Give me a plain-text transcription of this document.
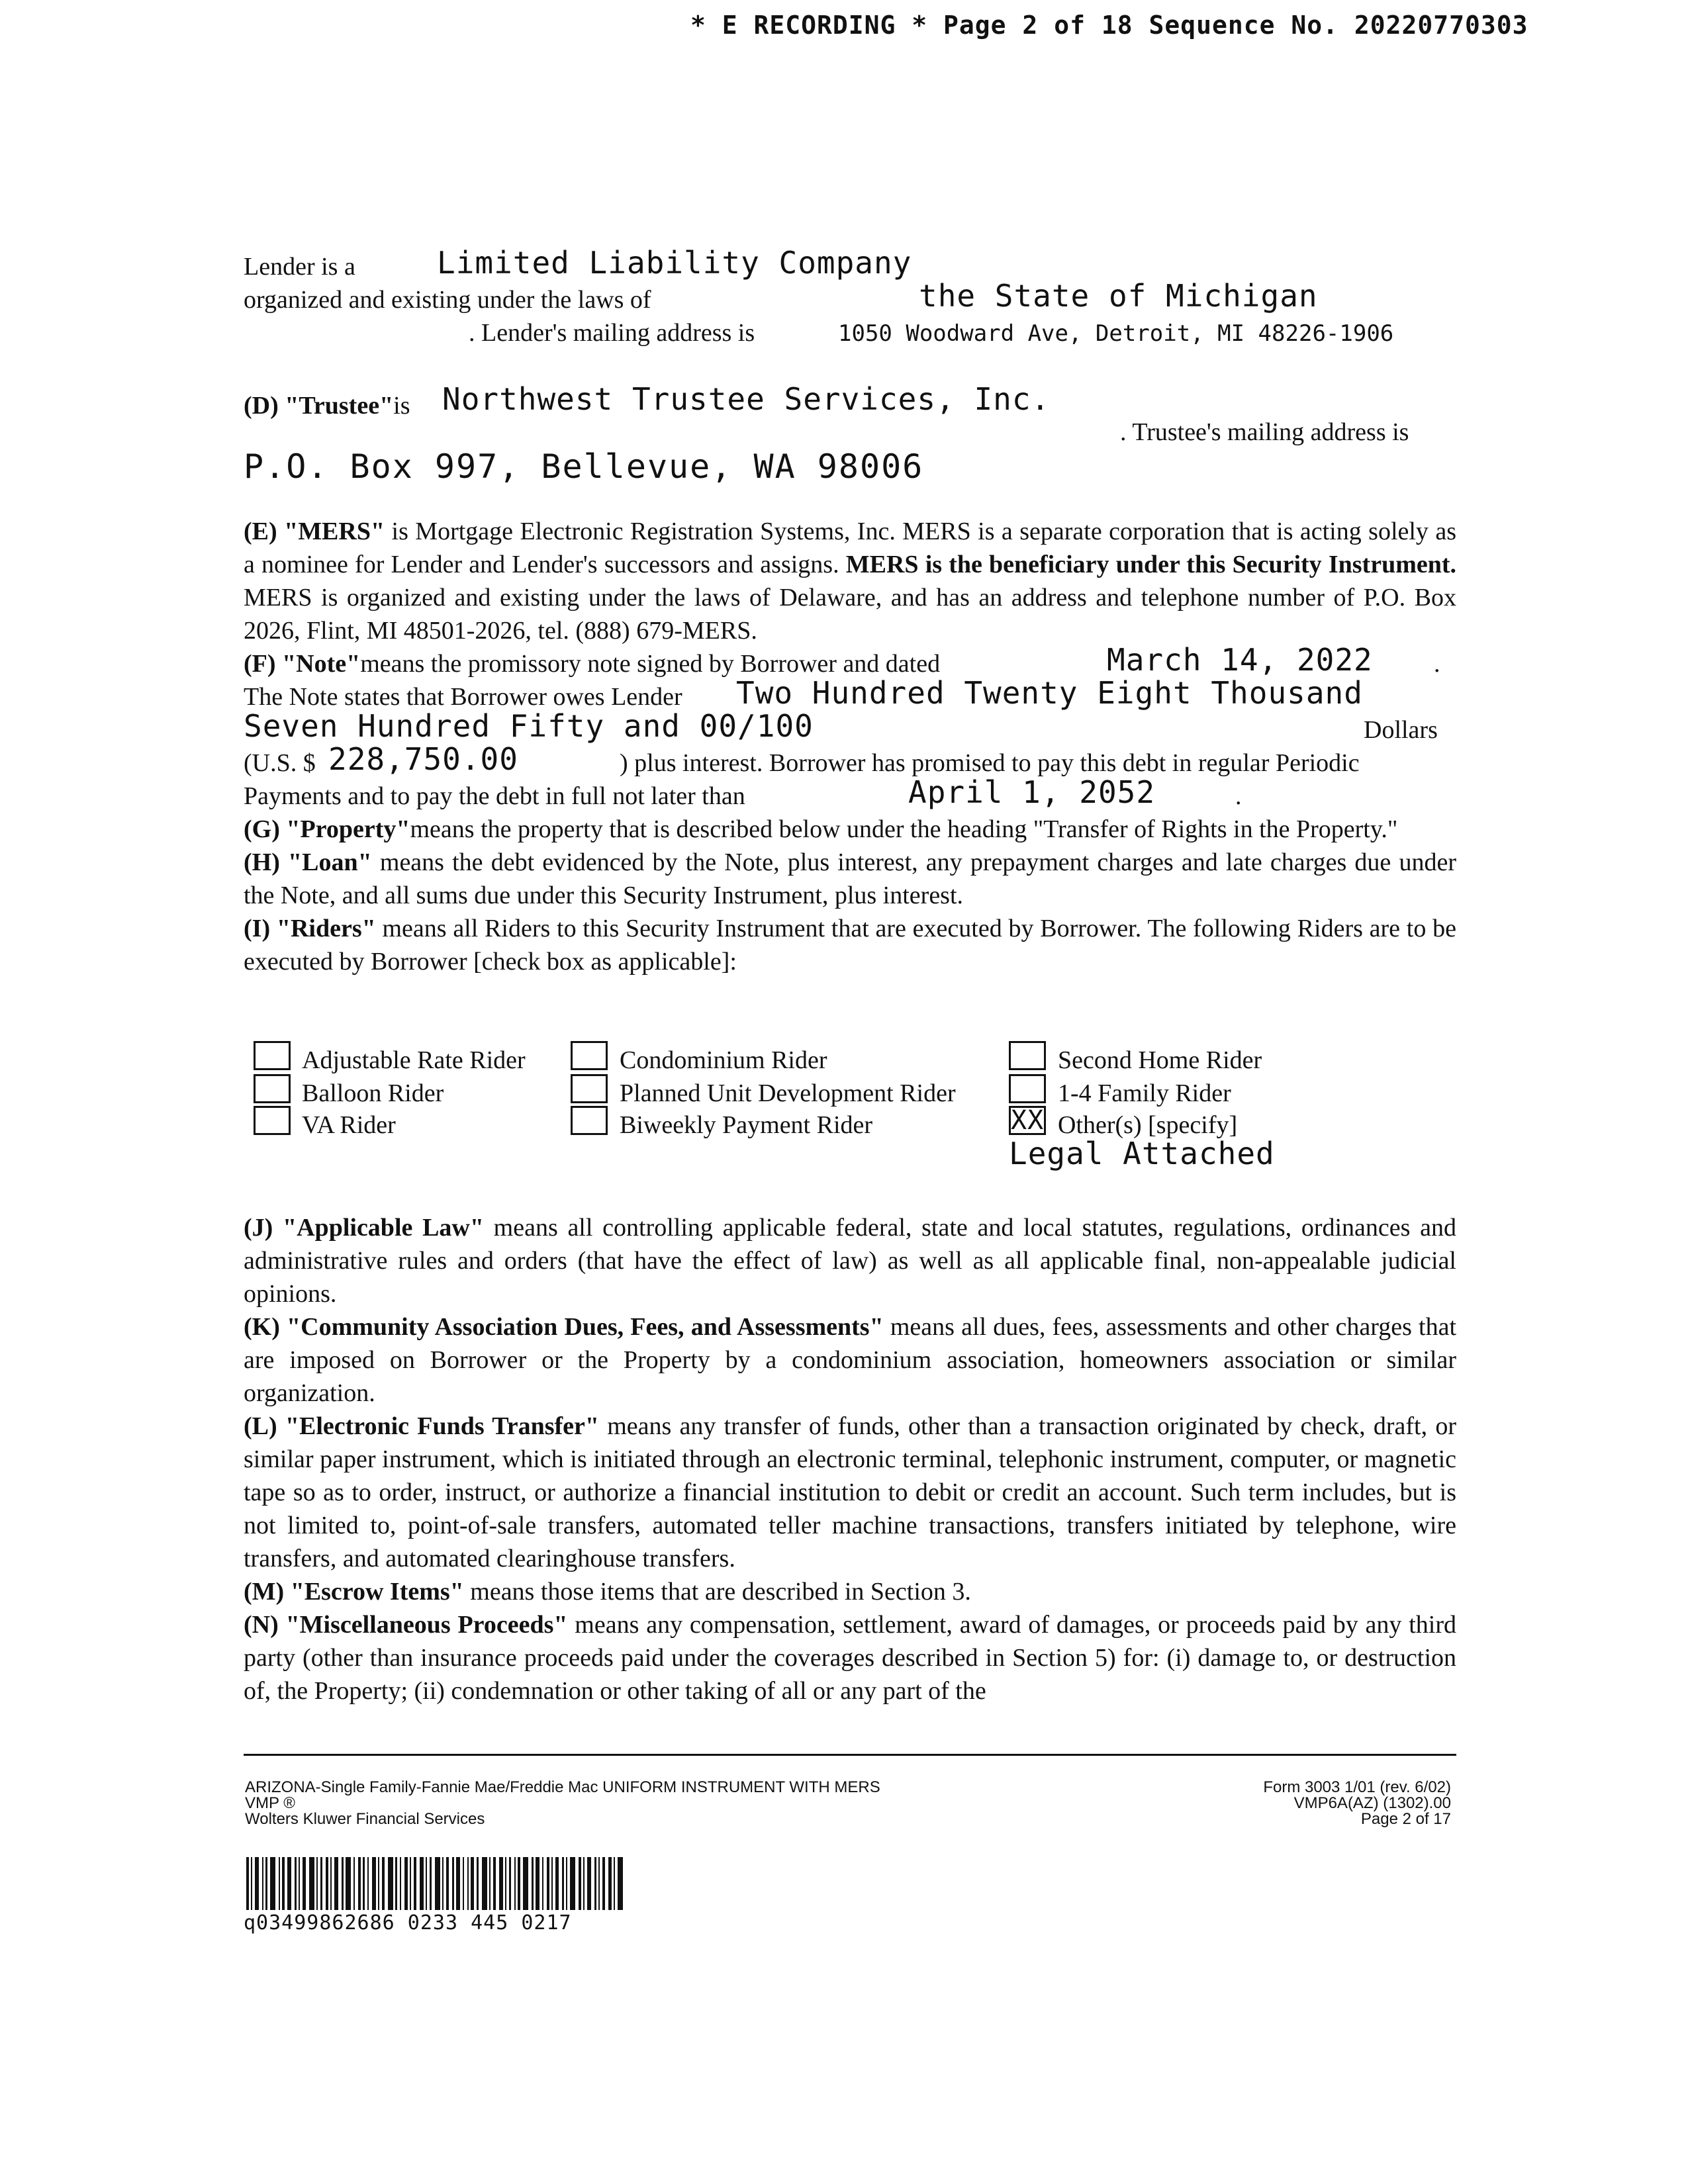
* E RECORDING * Page 2 of 18 Sequence No. 20220770303
Lender is a	Limited Liability Company
organized and existing under the laws of	the State of Michigan
. Lender's mailing address is	1050 Woodward Ave, Detroit, MI 48226-1906
(D) "Trustee"is Northwest Trustee Services, Inc.
. Trustee's mailing address is
P.O. Box 997, Bellevue, WA 98006

(E) "MERS" is Mortgage Electronic Registration Systems, Inc. MERS is a separate corporation that is acting solely as a nominee for Lender and Lender's successors and assigns. MERS is the beneficiary under this Security Instrument. MERS is organized and existing under the laws of Delaware, and has an address and telephone number of P.O. Box 2026, Flint, MI 48501-2026, tel. (888) 679-MERS.

(F) "Note"means the promissory note signed by Borrower and dated	March 14, 2022 .
The Note states that Borrower owes Lender Two Hundred Twenty Eight Thousand
Seven Hundred Fifty and 00/100	Dollars
(U.S. $ 228,750.00	) plus interest. Borrower has promised to pay this debt in regular Periodic
Payments and to pay the debt in full not later than	April 1, 2052	.

(G) "Property"means the property that is described below under the heading "Transfer of Rights in the Property."

(H) "Loan" means the debt evidenced by the Note, plus interest, any prepayment charges and late charges due under the Note, and all sums due under this Security Instrument, plus interest.

(I) "Riders" means all Riders to this Security Instrument that are executed by Borrower. The following Riders are to be executed by Borrower [check box as applicable]:

Adjustable Rate Rider
Balloon Rider
VA Rider
Condominium Rider
Planned Unit Development Rider
Biweekly Payment Rider
Second Home Rider
1-4 Family Rider
XX Other(s) [specify]
Legal Attached

(J) "Applicable Law" means all controlling applicable federal, state and local statutes, regulations, ordinances and administrative rules and orders (that have the effect of law) as well as all applicable final, non-appealable judicial opinions.

(K) "Community Association Dues, Fees, and Assessments" means all dues, fees, assessments and other charges that are imposed on Borrower or the Property by a condominium association, homeowners association or similar organization.

(L) "Electronic Funds Transfer" means any transfer of funds, other than a transaction originated by check, draft, or similar paper instrument, which is initiated through an electronic terminal, telephonic instrument, computer, or magnetic tape so as to order, instruct, or authorize a financial institution to debit or credit an account. Such term includes, but is not limited to, point-of-sale transfers, automated teller machine transactions, transfers initiated by telephone, wire transfers, and automated clearinghouse transfers.

(M) "Escrow Items" means those items that are described in Section 3.

(N) "Miscellaneous Proceeds" means any compensation, settlement, award of damages, or proceeds paid by any third party (other than insurance proceeds paid under the coverages described in Section 5) for: (i) damage to, or destruction of, the Property; (ii) condemnation or other taking of all or any part of the

ARIZONA-Single Family-Fannie Mae/Freddie Mac UNIFORM INSTRUMENT WITH MERS
VMP ®
Wolters Kluwer Financial Services
Form 3003 1/01 (rev. 6/02)
VMP6A(AZ) (1302).00
Page 2 of 17
q03499862686 0233 445 0217
